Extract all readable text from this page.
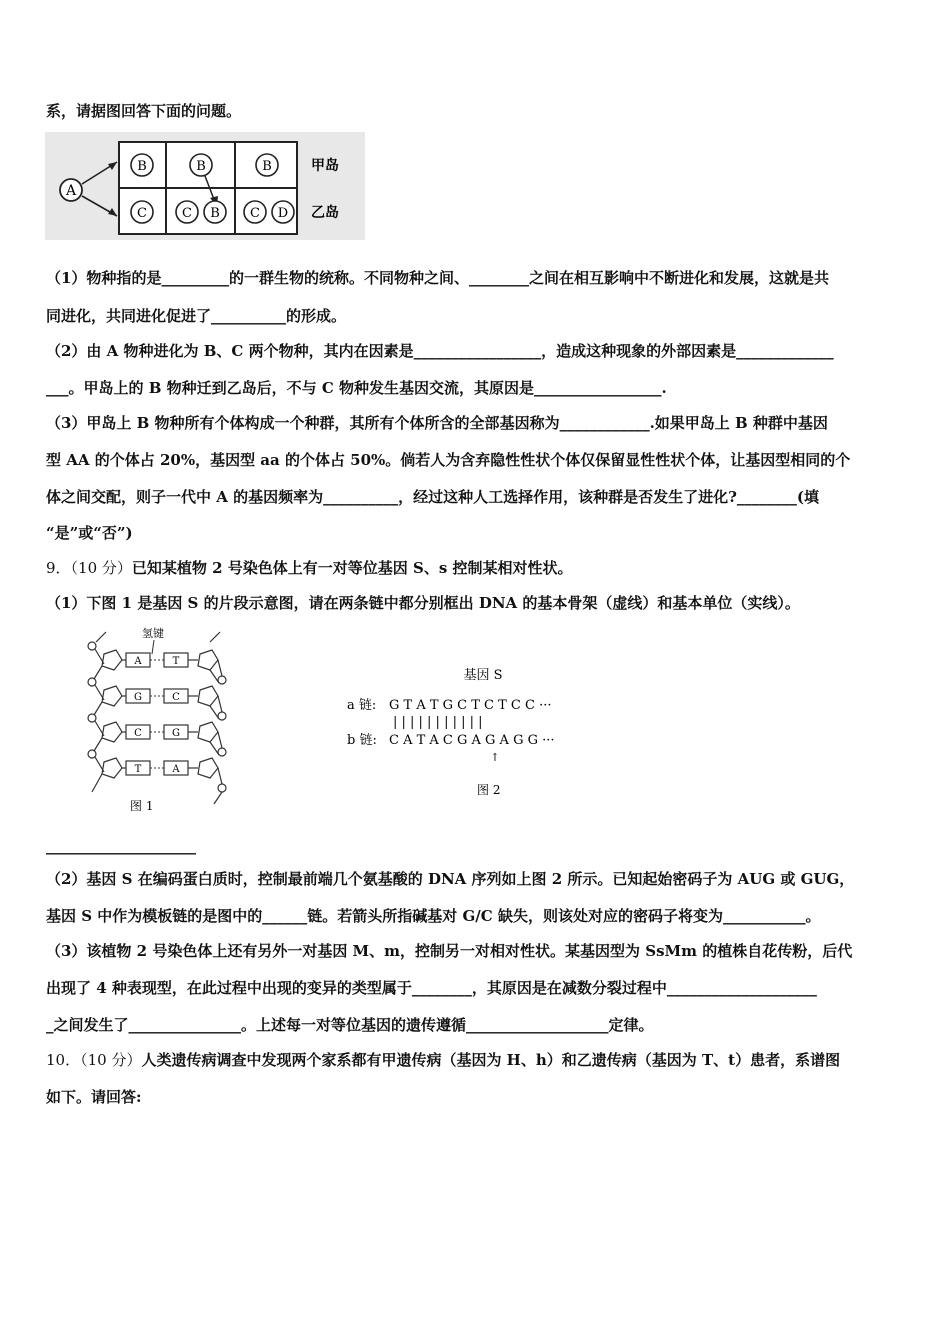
系，请据图回答下面的问题。
A
B	B	B
C	C B C D
甲岛
乙岛
（1）物种指的是_________的一群生物的统称。不同物种之间、________之间在相互影响中不断进化和发展，这就是共
同进化，共同进化促进了__________的形成。
（2）由 A 物种进化为 B、C 两个物种，其内在因素是_________________，造成这种现象的外部因素是_____________
___。甲岛上的 B 物种迁到乙岛后，不与 C 物种发生基因交流，其原因是_________________.
（3）甲岛上 B 物种所有个体构成一个种群，其所有个体所含的全部基因称为____________.如果甲岛上 B 种群中基因
型 AA 的个体占 20%，基因型 aa 的个体占 50%。倘若人为含弃隐性性状个体仅保留显性性状个体，让基因型相同的个
体之间交配，则子一代中 A 的基因频率为__________，经过这种人工选择作用，该种群是否发生了进化?________(填
“是”或“否”)
9．（10 分）已知某植物 2 号染色体上有一对等位基因 S、s 控制某相对性状。
（1）下图 1 是基因 S 的片段示意图，请在两条链中都分别框出 DNA 的基本骨架（虚线）和基本单位（实线）。
氢键
A	T
G	C
C	G
T	A
图 1
基因 S
a 链: G T A T G C T C T C C ···
| | | | | | | | | | |
b 链: C A T A C G A G A G G ···
↑
图 2
____________________
（2）基因 S 在编码蛋白质时，控制最前端几个氨基酸的 DNA 序列如上图 2 所示。已知起始密码子为 AUG 或 GUG，
基因 S 中作为模板链的是图中的______链。若箭头所指碱基对 G/C 缺失，则该处对应的密码子将变为___________。
（3）该植物 2 号染色体上还有另外一对基因 M、m，控制另一对相对性状。某基因型为 SsMm 的植株自花传粉，后代
出现了 4 种表现型，在此过程中出现的变异的类型属于________，其原因是在减数分裂过程中____________________
_之间发生了_______________。上述每一对等位基因的遗传遵循___________________定律。
10．（10 分）人类遗传病调查中发现两个家系都有甲遗传病（基因为 H、h）和乙遗传病（基因为 T、t）患者，系谱图
如下。请回答:
